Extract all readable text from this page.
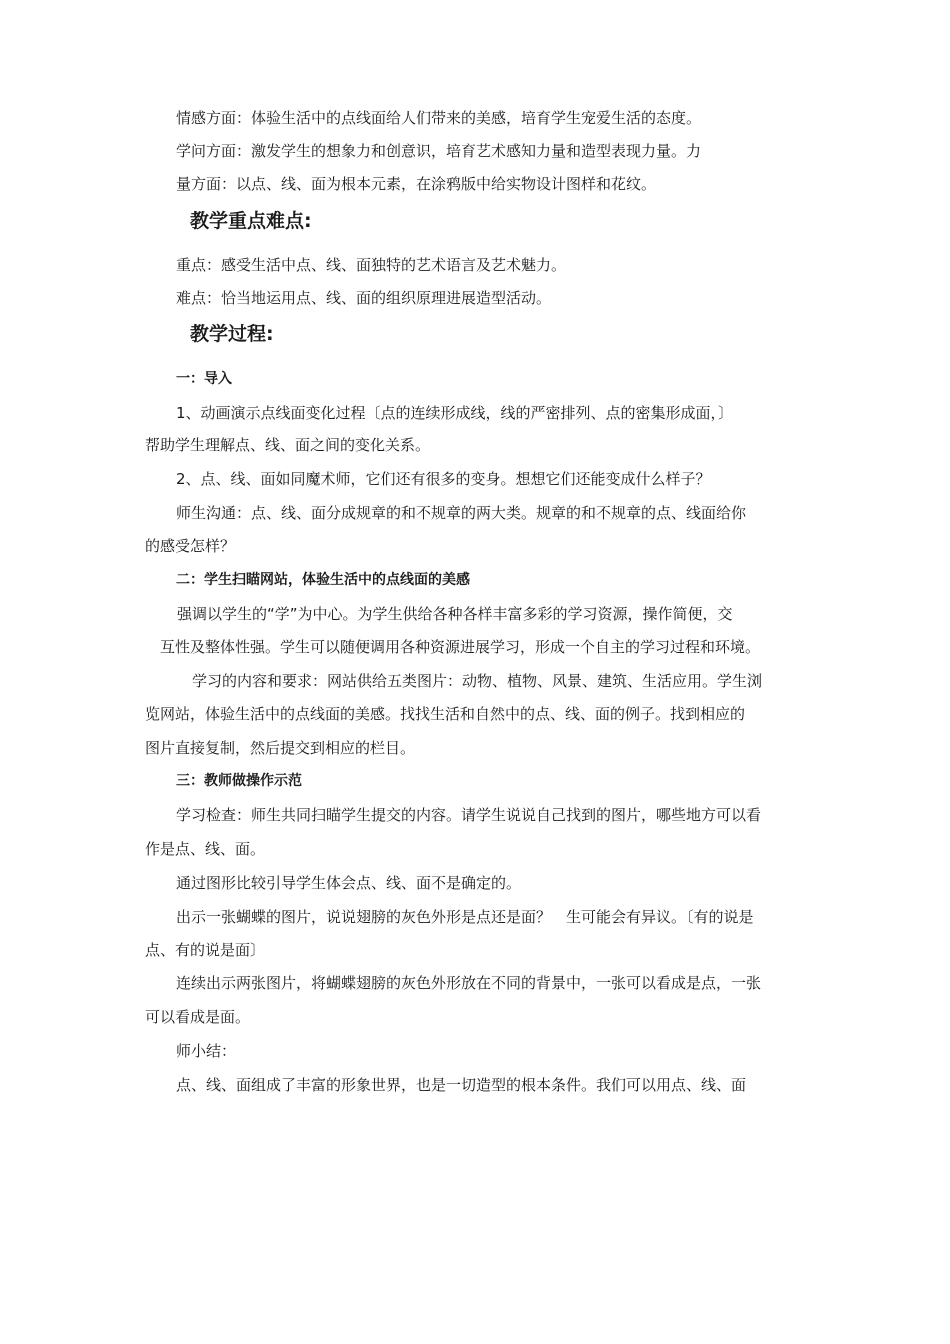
情感方面：体验生活中的点线面给人们带来的美感，培育学生宠爱生活的态度。
学问方面：激发学生的想象力和创意识，培育艺术感知力量和造型表现力量。力
量方面：以点、线、面为根本元素，在涂鸦版中给实物设计图样和花纹。
教学重点难点:
重点：感受生活中点、线、面独特的艺术语言及艺术魅力。
难点：恰当地运用点、线、面的组织原理进展造型活动。
教学过程:
一：导入
1、动画演示点线面变化过程〔点的连续形成线，线的严密排列、点的密集形成面，〕
帮助学生理解点、线、面之间的变化关系。
2、点、线、面如同魔术师，它们还有很多的变身。想想它们还能变成什么样子？
师生沟通：点、线、面分成规章的和不规章的两大类。规章的和不规章的点、线面给你
的感受怎样？
二：学生扫瞄网站，体验生活中的点线面的美感
强调以学生的“学”为中心。为学生供给各种各样丰富多彩的学习资源，操作简便，交
互性及整体性强。学生可以随便调用各种资源进展学习，形成一个自主的学习过程和环境。
学习的内容和要求：网站供给五类图片：动物、植物、风景、建筑、生活应用。学生浏
览网站，体验生活中的点线面的美感。找找生活和自然中的点、线、面的例子。找到相应的
图片直接复制，然后提交到相应的栏目。
三：教师做操作示范
学习检查：师生共同扫瞄学生提交的内容。请学生说说自己找到的图片，哪些地方可以看
作是点、线、面。
通过图形比较引导学生体会点、线、面不是确定的。
出示一张蝴蝶的图片，说说翅膀的灰色外形是点还是面？　生可能会有异议。〔有的说是
点、有的说是面〕
连续出示两张图片，将蝴蝶翅膀的灰色外形放在不同的背景中，一张可以看成是点，一张
可以看成是面。
师小结：
点、线、面组成了丰富的形象世界，也是一切造型的根本条件。我们可以用点、线、面
